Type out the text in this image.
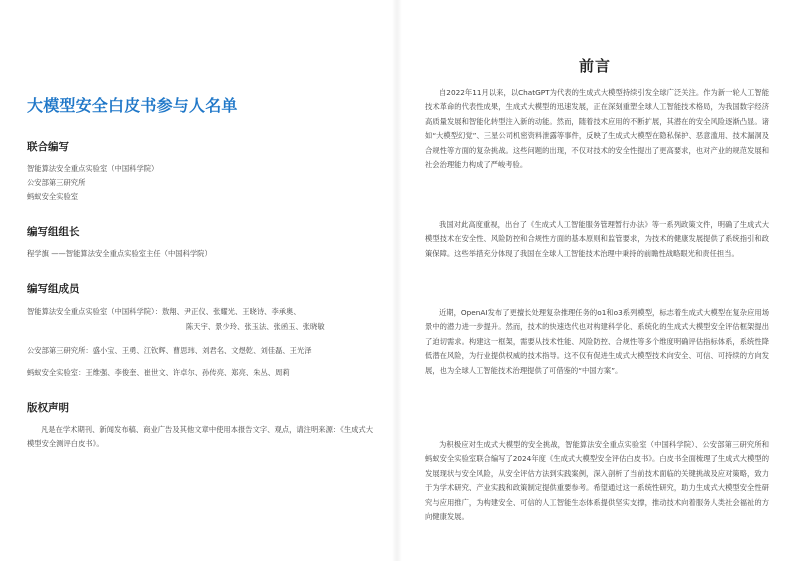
大模型安全白皮书参与人名单
联合编写

智能算法安全重点实验室（中国科学院）

公安部第三研究所

蚂蚁安全实验室

编写组组长

程学旗 ——智能算法安全重点实验室主任（中国科学院）

编写组成员

智能算法安全重点实验室（中国科学院）：敖翔、尹正仪、张耀光、王晓诗、李承奥、

陈天宇、景少玲、张玉法、张函玉、张晓敏

公安部第三研究所：盛小宝、王勇、江钦辉、曹思玮、刘君名、文煜乾、刘佳磊、王光泽

蚂蚁安全实验室：王维强、李俊奎、崔世文、许卓尔、孙传亮、郑亮、朱丛、周莉

版权声明

凡是在学术期刊、新闻发布稿、商业广告及其他文章中使用本报告文字、观点，请注明来源：《生成式大模型安全测评白皮书》。

前言

自2022年11月以来，以ChatGPT为代表的生成式大模型持续引发全球广泛关注。作为新一轮人工智能技术革命的代表性成果，生成式大模型的迅速发展，正在深刻重塑全球人工智能技术格局，为我国数字经济高质量发展和智能化转型注入新的动能。然而，随着技术应用的不断扩展，其潜在的安全风险逐渐凸显。诸如“大模型幻觉”、三星公司机密资料泄露等事件，反映了生成式大模型在隐私保护、恶意滥用、技术漏洞及合规性等方面的复杂挑战。这些问题的出现，不仅对技术的安全性提出了更高要求，也对产业的规范发展和社会治理能力构成了严峻考验。

我国对此高度重视，出台了《生成式人工智能服务管理暂行办法》等一系列政策文件，明确了生成式大模型技术在安全性、风险防控和合规性方面的基本原则和监管要求，为技术的健康发展提供了系统指引和政策保障。这些举措充分体现了我国在全球人工智能技术治理中秉持的前瞻性战略眼光和责任担当。

近期，OpenAI发布了更擅长处理复杂推理任务的o1和o3系列模型，标志着生成式大模型在复杂应用场景中的潜力进一步提升。然而，技术的快速迭代也对构建科学化、系统化的生成式大模型安全评估框架提出了迫切需求。构建这一框架，需要从技术性能、风险防控、合规性等多个维度明确评估指标体系，系统性降低潜在风险，为行业提供权威的技术指导。这不仅有促进生成式大模型技术向安全、可信、可持续的方向发展，也为全球人工智能技术治理提供了可借鉴的“中国方案”。

为积极应对生成式大模型的安全挑战，智能算法安全重点实验室（中国科学院）、公安部第三研究所和蚂蚁安全实验室联合编写了2024年度《生成式大模型安全评估白皮书》。白皮书全面梳理了生成式大模型的发展现状与安全风险，从安全评估方法到实践案例，深入剖析了当前技术面临的关键挑战及应对策略，致力于为学术研究、产业实践和政策制定提供重要参考。希望通过这一系统性研究，助力生成式大模型安全性研究与应用推广，为构建安全、可信的人工智能生态体系提供坚实支撑，推动技术向着服务人类社会福祉的方向健康发展。
